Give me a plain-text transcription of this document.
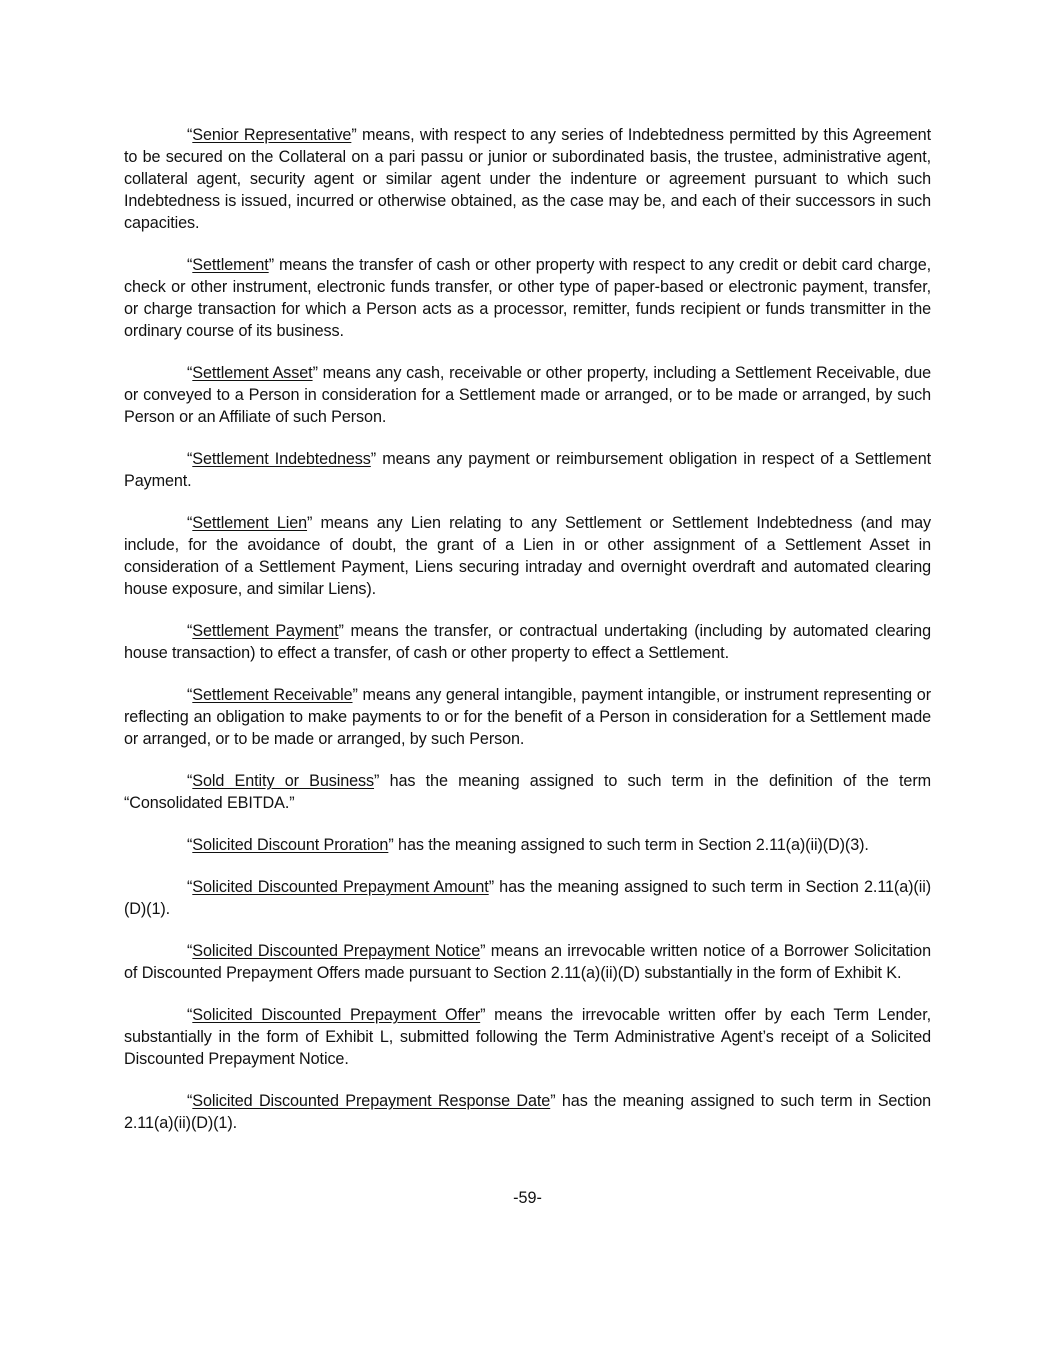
“Senior Representative” means, with respect to any series of Indebtedness permitted by this Agreement to be secured on the Collateral on a pari passu or junior or subordinated basis, the trustee, administrative agent, collateral agent, security agent or similar agent under the indenture or agreement pursuant to which such Indebtedness is issued, incurred or otherwise obtained, as the case may be, and each of their successors in such capacities.

“Settlement” means the transfer of cash or other property with respect to any credit or debit card charge, check or other instrument, electronic funds transfer, or other type of paper-based or electronic payment, transfer, or charge transaction for which a Person acts as a processor, remitter, funds recipient or funds transmitter in the ordinary course of its business.

“Settlement Asset” means any cash, receivable or other property, including a Settlement Receivable, due or conveyed to a Person in consideration for a Settlement made or arranged, or to be made or arranged, by such Person or an Affiliate of such Person.

“Settlement Indebtedness” means any payment or reimbursement obligation in respect of a Settlement Payment.

“Settlement Lien” means any Lien relating to any Settlement or Settlement Indebtedness (and may include, for the avoidance of doubt, the grant of a Lien in or other assignment of a Settlement Asset in consideration of a Settlement Payment, Liens securing intraday and overnight overdraft and automated clearing house exposure, and similar Liens).

“Settlement Payment” means the transfer, or contractual undertaking (including by automated clearing house transaction) to effect a transfer, of cash or other property to effect a Settlement.

“Settlement Receivable” means any general intangible, payment intangible, or instrument representing or reflecting an obligation to make payments to or for the benefit of a Person in consideration for a Settlement made or arranged, or to be made or arranged, by such Person.

“Sold Entity or Business” has the meaning assigned to such term in the definition of the term “Consolidated EBITDA.”

“Solicited Discount Proration” has the meaning assigned to such term in Section 2.11(a)(ii)(D)(3).

“Solicited Discounted Prepayment Amount” has the meaning assigned to such term in Section 2.11(a)(ii)(D)(1).

“Solicited Discounted Prepayment Notice” means an irrevocable written notice of a Borrower Solicitation of Discounted Prepayment Offers made pursuant to Section 2.11(a)(ii)(D) substantially in the form of Exhibit K.

“Solicited Discounted Prepayment Offer” means the irrevocable written offer by each Term Lender, substantially in the form of Exhibit L, submitted following the Term Administrative Agent’s receipt of a Solicited Discounted Prepayment Notice.

“Solicited Discounted Prepayment Response Date” has the meaning assigned to such term in Section 2.11(a)(ii)(D)(1).

-59-
